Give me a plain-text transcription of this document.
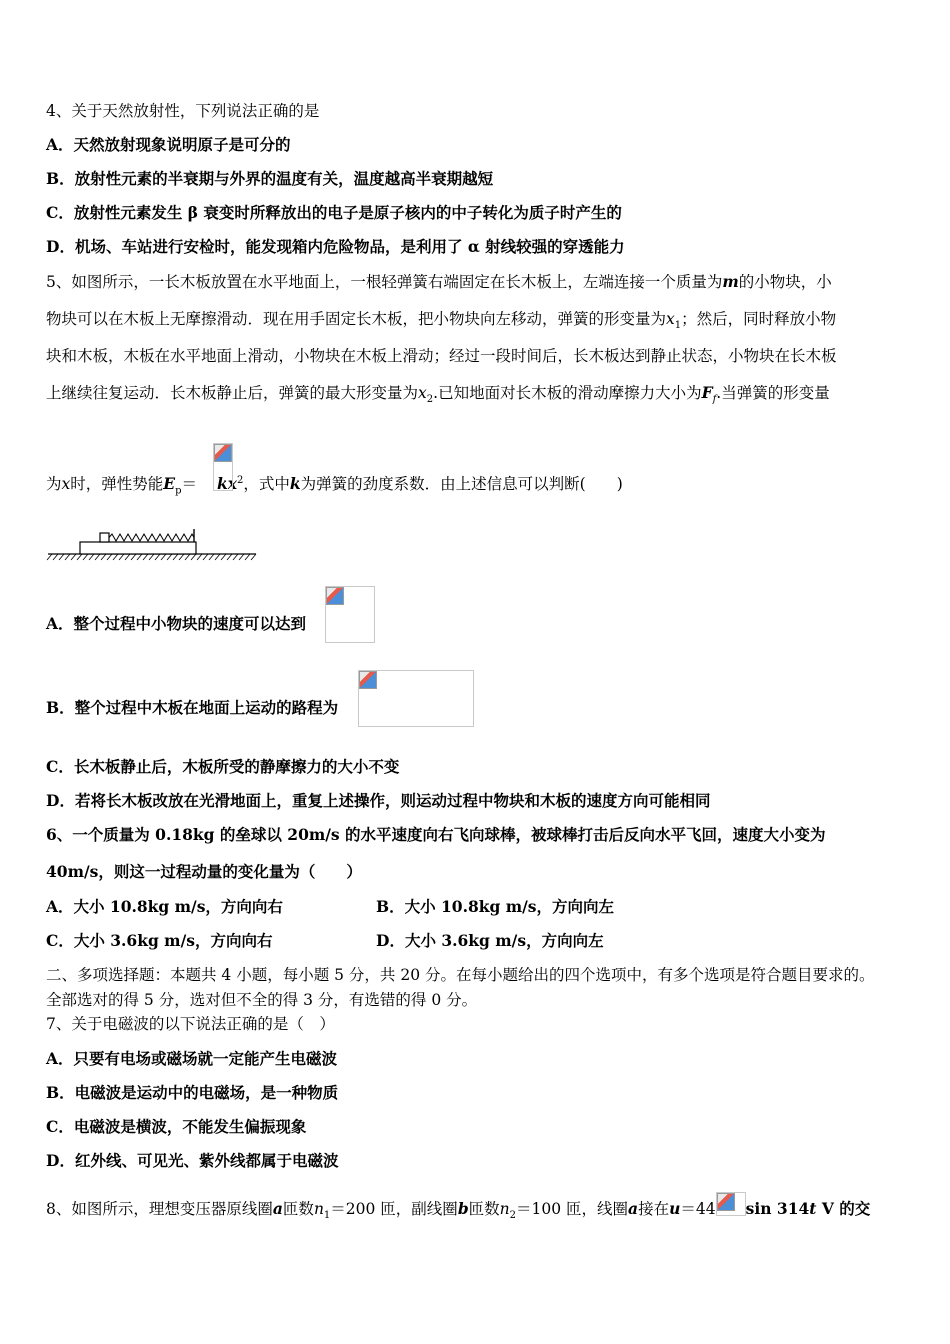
4、关于天然放射性，下列说法正确的是
A．天然放射现象说明原子是可分的
B．放射性元素的半衰期与外界的温度有关，温度越高半衰期越短
C．放射性元素发生 β 衰变时所释放出的电子是原子核内的中子转化为质子时产生的
D．机场、车站进行安检时，能发现箱内危险物品，是利用了 α 射线较强的穿透能力
5、如图所示，一长木板放置在水平地面上，一根轻弹簧右端固定在长木板上，左端连接一个质量为m的小物块，小
物块可以在木板上无摩擦滑动．现在用手固定长木板，把小物块向左移动，弹簧的形变量为$x_1$；然后，同时释放小物
块和木板，木板在水平地面上滑动，小物块在木板上滑动；经过一段时间后，长木板达到静止状态，小物块在长木板
上继续往复运动．长木板静止后，弹簧的最大形变量为$x_2$.已知地面对长木板的滑动摩擦力大小为$F_f$.当弹簧的形变量
为x时，弹性势能$E_p= kx^2$，式中k为弹簧的劲度系数．由上述信息可以判断(　　)
A．整个过程中小物块的速度可以达到
B．整个过程中木板在地面上运动的路程为
C．长木板静止后，木板所受的静摩擦力的大小不变
D．若将长木板改放在光滑地面上，重复上述操作，则运动过程中物块和木板的速度方向可能相同
6、一个质量为 0.18kg 的垒球以 20m/s 的水平速度向右飞向球棒，被球棒打击后反向水平飞回，速度大小变为
40m/s，则这一过程动量的变化量为（　　）
A．大小 10.8kg m/s，方向向右	B．大小 10.8kg m/s，方向向左
C．大小 3.6kg m/s，方向向右	D．大小 3.6kg m/s，方向向左
二、多项选择题：本题共 4 小题，每小题 5 分，共 20 分。在每小题给出的四个选项中，有多个选项是符合题目要求的。
全部选对的得 5 分，选对但不全的得 3 分，有选错的得 0 分。
7、关于电磁波的以下说法正确的是（　）
A．只要有电场或磁场就一定能产生电磁波
B．电磁波是运动中的电磁场，是一种物质
C．电磁波是横波，不能发生偏振现象
D．红外线、可见光、紫外线都属于电磁波
8、如图所示，理想变压器原线圈a匝数$n_1=200$ 匝，副线圈b匝数$n_2=100$ 匝，线圈a接在u＝44 sin 314t V 的交
